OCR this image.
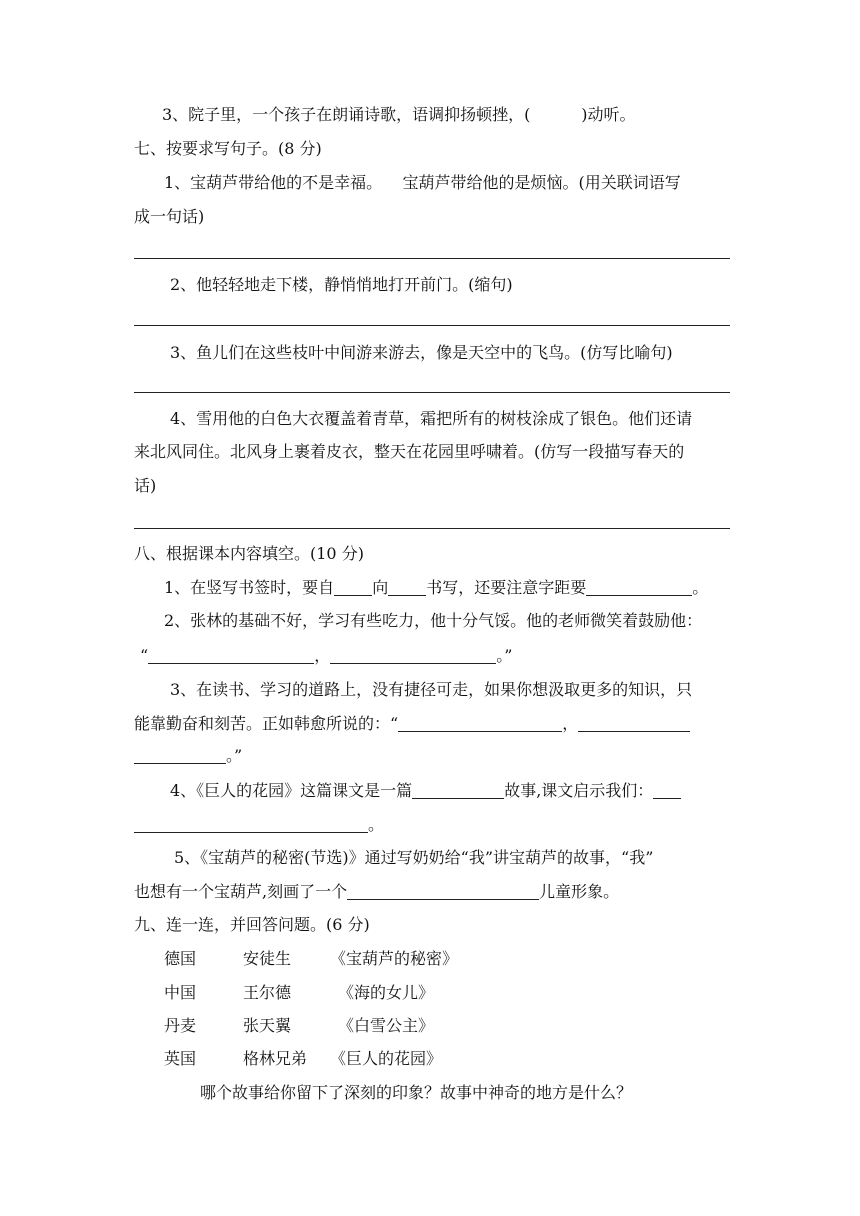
3、院子里，一个孩子在朗诵诗歌，语调抑扬顿挫，(          )动听。
七、按要求写句子。(8 分)
1、宝葫芦带给他的不是幸福。    宝葫芦带给他的是烦恼。(用关联词语写
成一句话)
2、他轻轻地走下楼，静悄悄地打开前门。(缩句)
3、鱼儿们在这些枝叶中间游来游去，像是天空中的飞鸟。(仿写比喻句)
4、雪用他的白色大衣覆盖着青草，霜把所有的树枝涂成了银色。他们还请
来北风同住。北风身上裹着皮衣，整天在花园里呼啸着。(仿写一段描写春天的
话)
八、根据课本内容填空。(10 分)
1、在竖写书签时，要自 向 书写，还要注意字距要	。
2、张林的基础不好，学习有些吃力，他十分气馁。他的老师微笑着鼓励他：
“	，	。”
3、在读书、学习的道路上，没有捷径可走，如果你想汲取更多的知识，只
能靠勤奋和刻苦。正如韩愈所说的：“	，
。”
4、《巨人的花园》这篇课文是一篇	故事,课文启示我们：
。
5、《宝葫芦的秘密(节选)》通过写奶奶给“我”讲宝葫芦的故事，“我”
也想有一个宝葫芦,刻画了一个	儿童形象。
九、连一连，并回答问题。(6 分)
德国	安徒生 《宝葫芦的秘密》
中国	王尔德	《海的女儿》
丹麦	张天翼	《白雪公主》
英国	格林兄弟 《巨人的花园》
哪个故事给你留下了深刻的印象？故事中神奇的地方是什么？
